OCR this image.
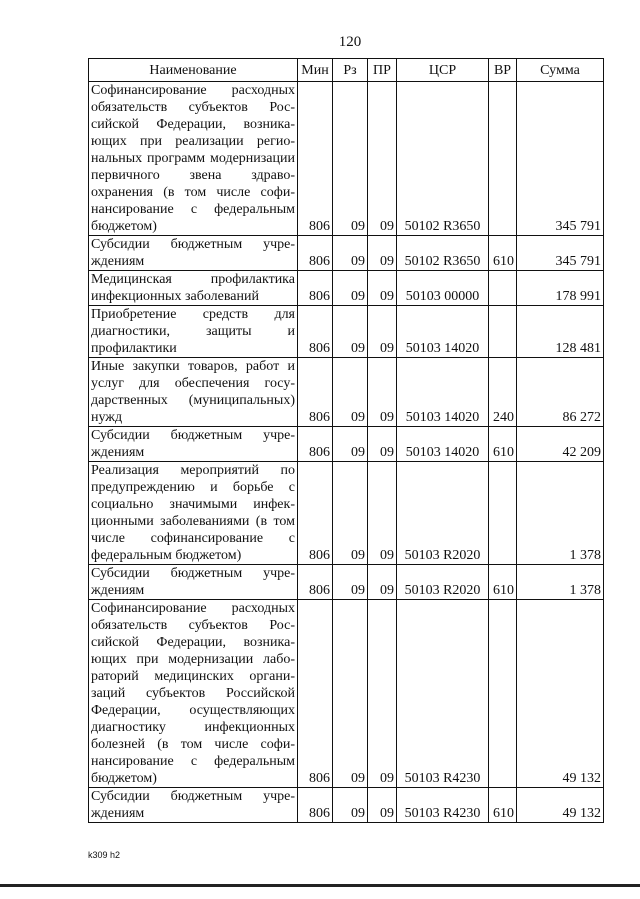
120
Наименование	Мин	Рз	ПР	ЦСР	ВР	Сумма
Софинансирование расходных обязательств субъектов Российской Федерации, возникающих при реализации региональных программ модернизации первичного звена здравоохранения (в том числе софинансирование с федеральным бюджетом)	806	09	09	50102 R3650		345 791
Субсидии бюджетным учреждениям	806	09	09	50102 R3650	610	345 791
Медицинская профилактика инфекционных заболеваний	806	09	09	50103 00000		178 991
Приобретение средств для диагностики, защиты и профилактики	806	09	09	50103 14020		128 481
Иные закупки товаров, работ и услуг для обеспечения государственных (муниципальных) нужд	806	09	09	50103 14020	240	86 272
Субсидии бюджетным учреждениям	806	09	09	50103 14020	610	42 209
Реализация мероприятий по предупреждению и борьбе с социально значимыми инфекционными заболеваниями (в том числе софинансирование с федеральным бюджетом)	806	09	09	50103 R2020		1 378
Субсидии бюджетным учреждениям	806	09	09	50103 R2020	610	1 378
Софинансирование расходных обязательств субъектов Российской Федерации, возникающих при модернизации лабораторий медицинских организаций субъектов Российской Федерации, осуществляющих диагностику инфекционных болезней (в том числе софинансирование с федеральным бюджетом)	806	09	09	50103 R4230		49 132
Субсидии бюджетным учреждениям	806	09	09	50103 R4230	610	49 132
k309 h2
